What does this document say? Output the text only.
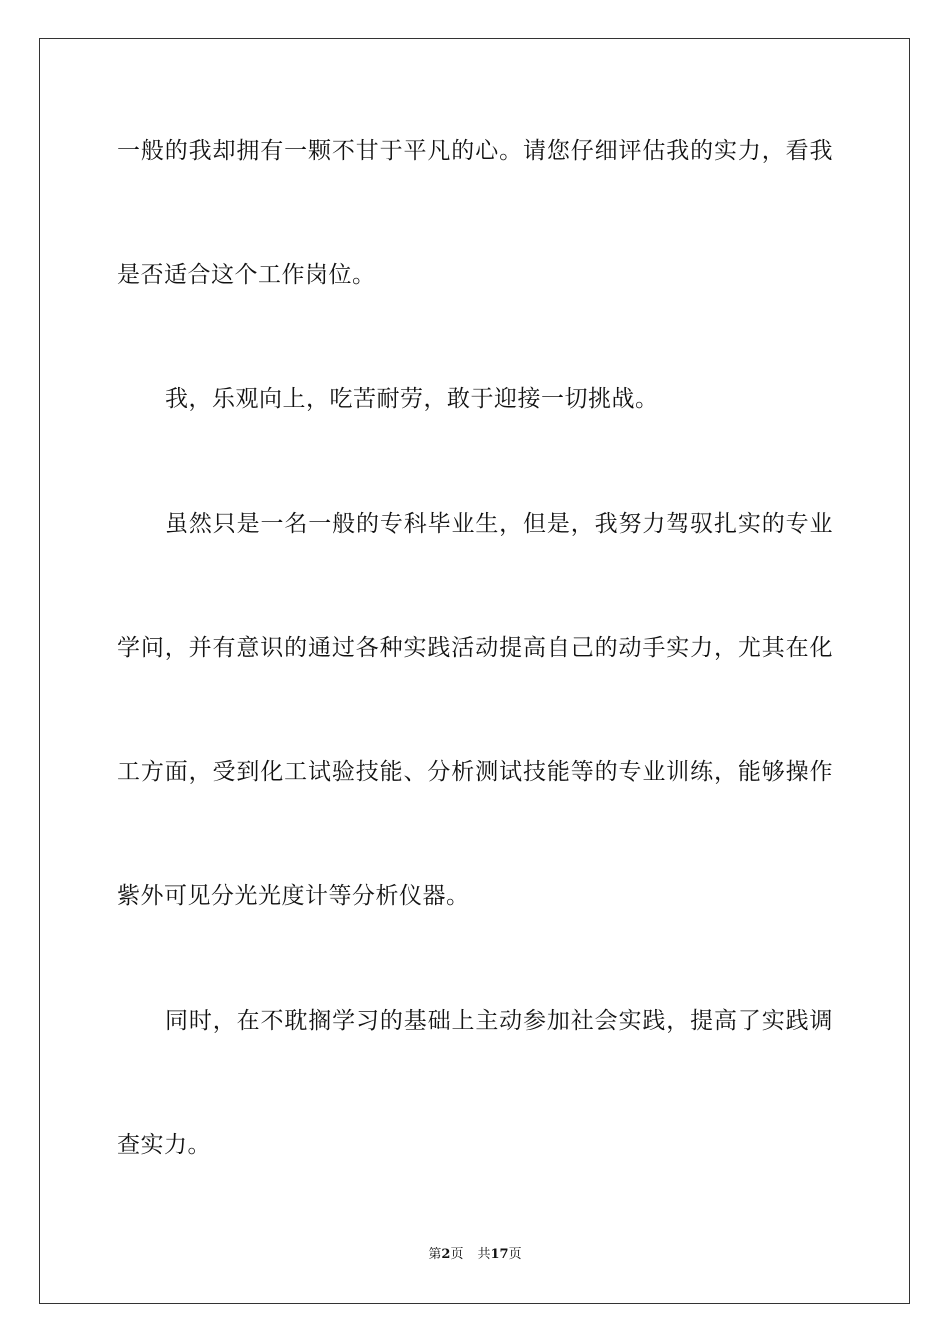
一般的我却拥有一颗不甘于平凡的心。请您仔细评估我的实力，看我
是否适合这个工作岗位。
我，乐观向上，吃苦耐劳，敢于迎接一切挑战。
虽然只是一名一般的专科毕业生，但是，我努力驾驭扎实的专业
学问，并有意识的通过各种实践活动提高自己的动手实力，尤其在化
工方面，受到化工试验技能、分析测试技能等的专业训练，能够操作
紫外可见分光光度计等分析仪器。
同时，在不耽搁学习的基础上主动参加社会实践，提高了实践调
查实力。
第2页 共17页
